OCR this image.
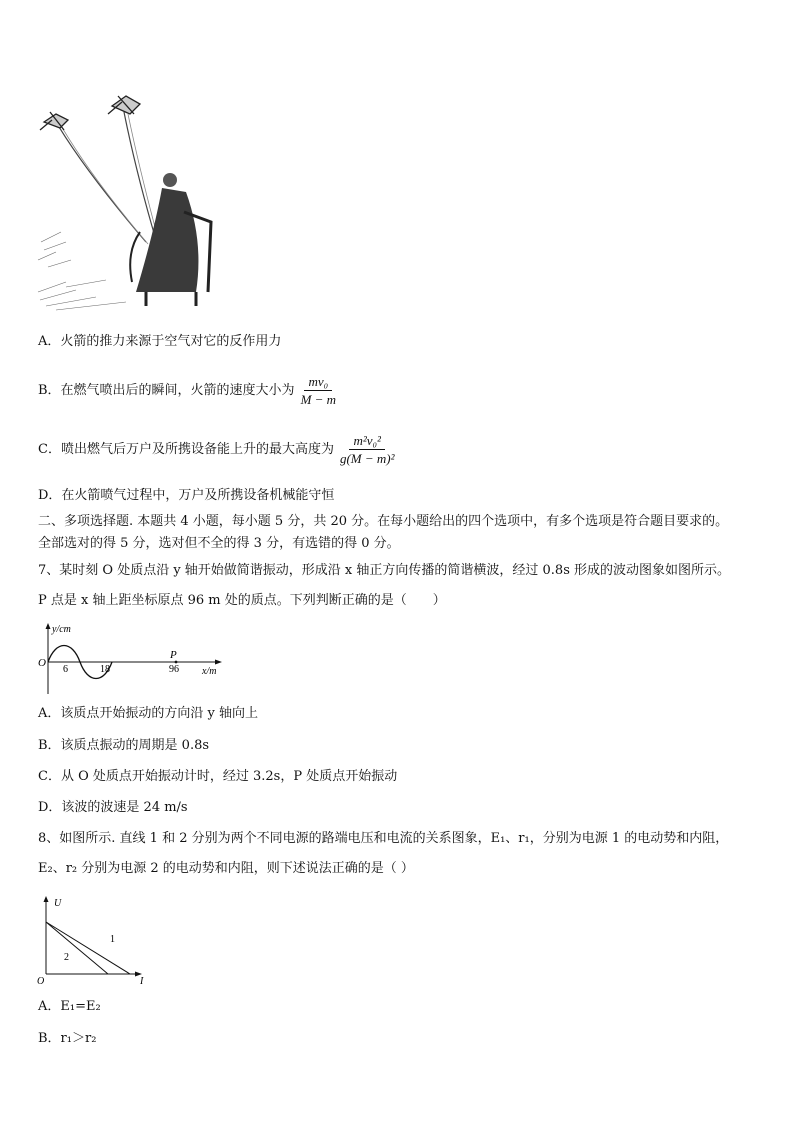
A．火箭的推力来源于空气对它的反作用力
B．在燃气喷出后的瞬间，火箭的速度大小为 $\frac{\text{mv₀}}{M - m}$
C．喷出燃气后万户及所携设备能上升的最大高度为 $\frac{\text{m²v₀²}}{\text{g(M − m)²}}$
D．在火箭喷气过程中，万户及所携设备机械能守恒
二、多项选择题. 本题共 4 小题，每小题 5 分，共 20 分。在每小题给出的四个选项中，有多个选项是符合题目要求的。
全部选对的得 5 分，选对但不全的得 3 分，有选错的得 0 分。
7、某时刻 O 处质点沿 y 轴开始做简谐振动，形成沿 x 轴正方向传播的简谐横波，经过 0.8s 形成的波动图象如图所示。
P 点是 x 轴上距坐标原点 96 m 处的质点。下列判断正确的是（　　）
y/cm
O
6	18
P
96 x/m
A．该质点开始振动的方向沿 y 轴向上
B．该质点振动的周期是 0.8s
C．从 O 处质点开始振动计时，经过 3.2s，P 处质点开始振动
D．该波的波速是 24 m/s
8、如图所示. 直线 1 和 2 分别为两个不同电源的路端电压和电流的关系图象，E₁、r₁，分别为电源 1 的电动势和内阻，
E₂、r₂ 分别为电源 2 的电动势和内阻，则下述说法正确的是（ ）
U
O	I
1
2
A．E₁=E₂
B．r₁＞r₂
